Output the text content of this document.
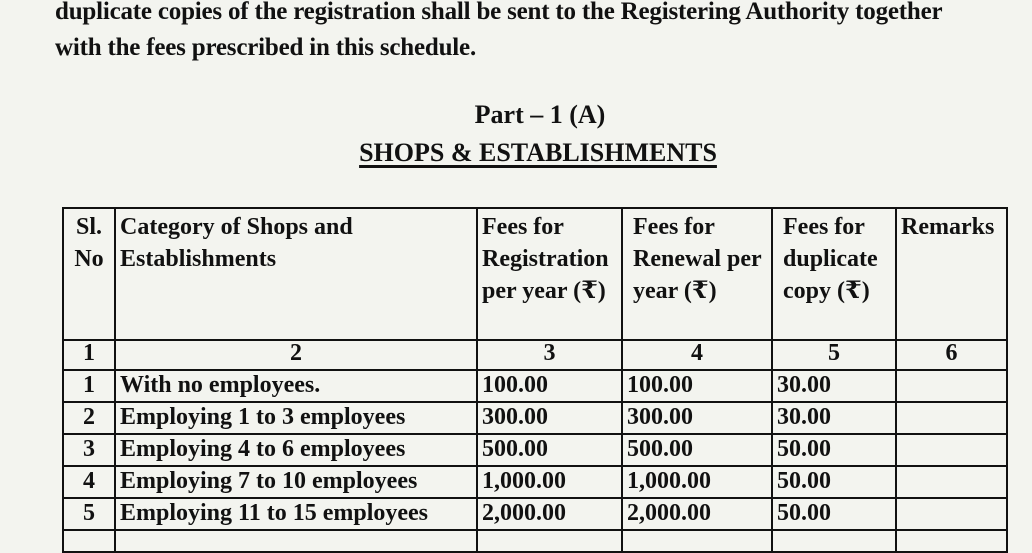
duplicate copies of the registration shall be sent to the Registering Authority together
with the fees prescribed in this schedule.
Part – 1 (A)
SHOPS & ESTABLISHMENTS
Sl.
No	Category of Shops and Establishments	Fees for Registration per year (₹)	Fees for Renewal per year (₹)	Fees for duplicate copy (₹)	Remarks
1	2	3	4	5	6
1	With no employees.	100.00	100.00	30.00	
2	Employing 1 to 3 employees	300.00	300.00	30.00	
3	Employing 4 to 6 employees	500.00	500.00	50.00	
4	Employing 7 to 10 employees	1,000.00	1,000.00	50.00	
5	Employing 11 to 15 employees	2,000.00	2,000.00	50.00	
